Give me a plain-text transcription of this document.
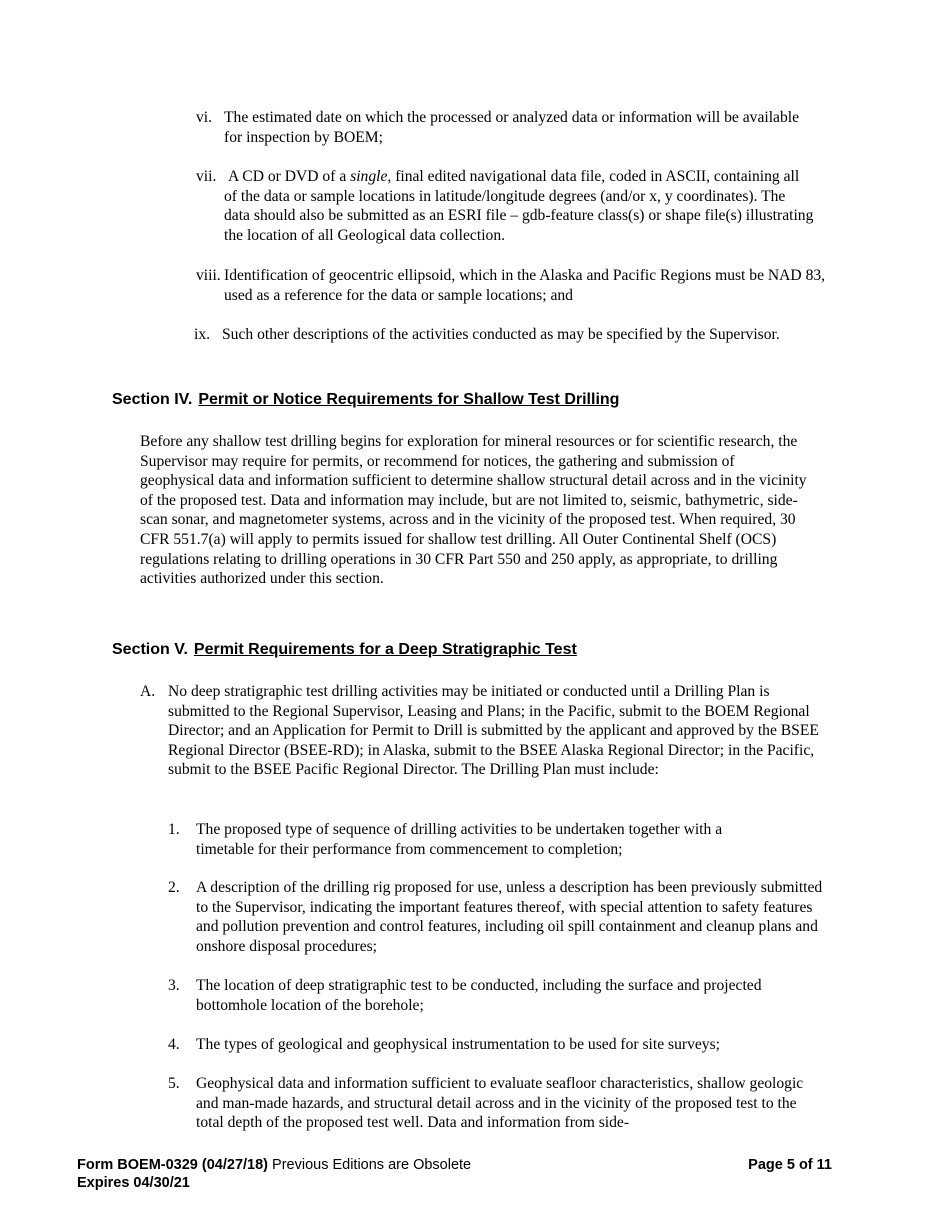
vi. The estimated date on which the processed or analyzed data or information will be available for inspection by BOEM;
vii. A CD or DVD of a single, final edited navigational data file, coded in ASCII, containing all of the data or sample locations in latitude/longitude degrees (and/or x, y coordinates). The data should also be submitted as an ESRI file – gdb-feature class(s) or shape file(s) illustrating the location of all Geological data collection.
viii. Identification of geocentric ellipsoid, which in the Alaska and Pacific Regions must be NAD 83, used as a reference for the data or sample locations; and
ix. Such other descriptions of the activities conducted as may be specified by the Supervisor.
Section IV. Permit or Notice Requirements for Shallow Test Drilling
Before any shallow test drilling begins for exploration for mineral resources or for scientific research, the Supervisor may require for permits, or recommend for notices, the gathering and submission of geophysical data and information sufficient to determine shallow structural detail across and in the vicinity of the proposed test. Data and information may include, but are not limited to, seismic, bathymetric, side-scan sonar, and magnetometer systems, across and in the vicinity of the proposed test. When required, 30 CFR 551.7(a) will apply to permits issued for shallow test drilling. All Outer Continental Shelf (OCS) regulations relating to drilling operations in 30 CFR Part 550 and 250 apply, as appropriate, to drilling activities authorized under this section.
Section V. Permit Requirements for a Deep Stratigraphic Test
A. No deep stratigraphic test drilling activities may be initiated or conducted until a Drilling Plan is submitted to the Regional Supervisor, Leasing and Plans; in the Pacific, submit to the BOEM Regional Director; and an Application for Permit to Drill is submitted by the applicant and approved by the BSEE Regional Director (BSEE-RD); in Alaska, submit to the BSEE Alaska Regional Director; in the Pacific, submit to the BSEE Pacific Regional Director. The Drilling Plan must include:
1. The proposed type of sequence of drilling activities to be undertaken together with a timetable for their performance from commencement to completion;
2. A description of the drilling rig proposed for use, unless a description has been previously submitted to the Supervisor, indicating the important features thereof, with special attention to safety features and pollution prevention and control features, including oil spill containment and cleanup plans and onshore disposal procedures;
3. The location of deep stratigraphic test to be conducted, including the surface and projected bottomhole location of the borehole;
4. The types of geological and geophysical instrumentation to be used for site surveys;
5. Geophysical data and information sufficient to evaluate seafloor characteristics, shallow geologic and man-made hazards, and structural detail across and in the vicinity of the proposed test to the total depth of the proposed test well. Data and information from side-
Form BOEM-0329 (04/27/18) Previous Editions are Obsolete
Expires 04/30/21
Page 5 of 11
